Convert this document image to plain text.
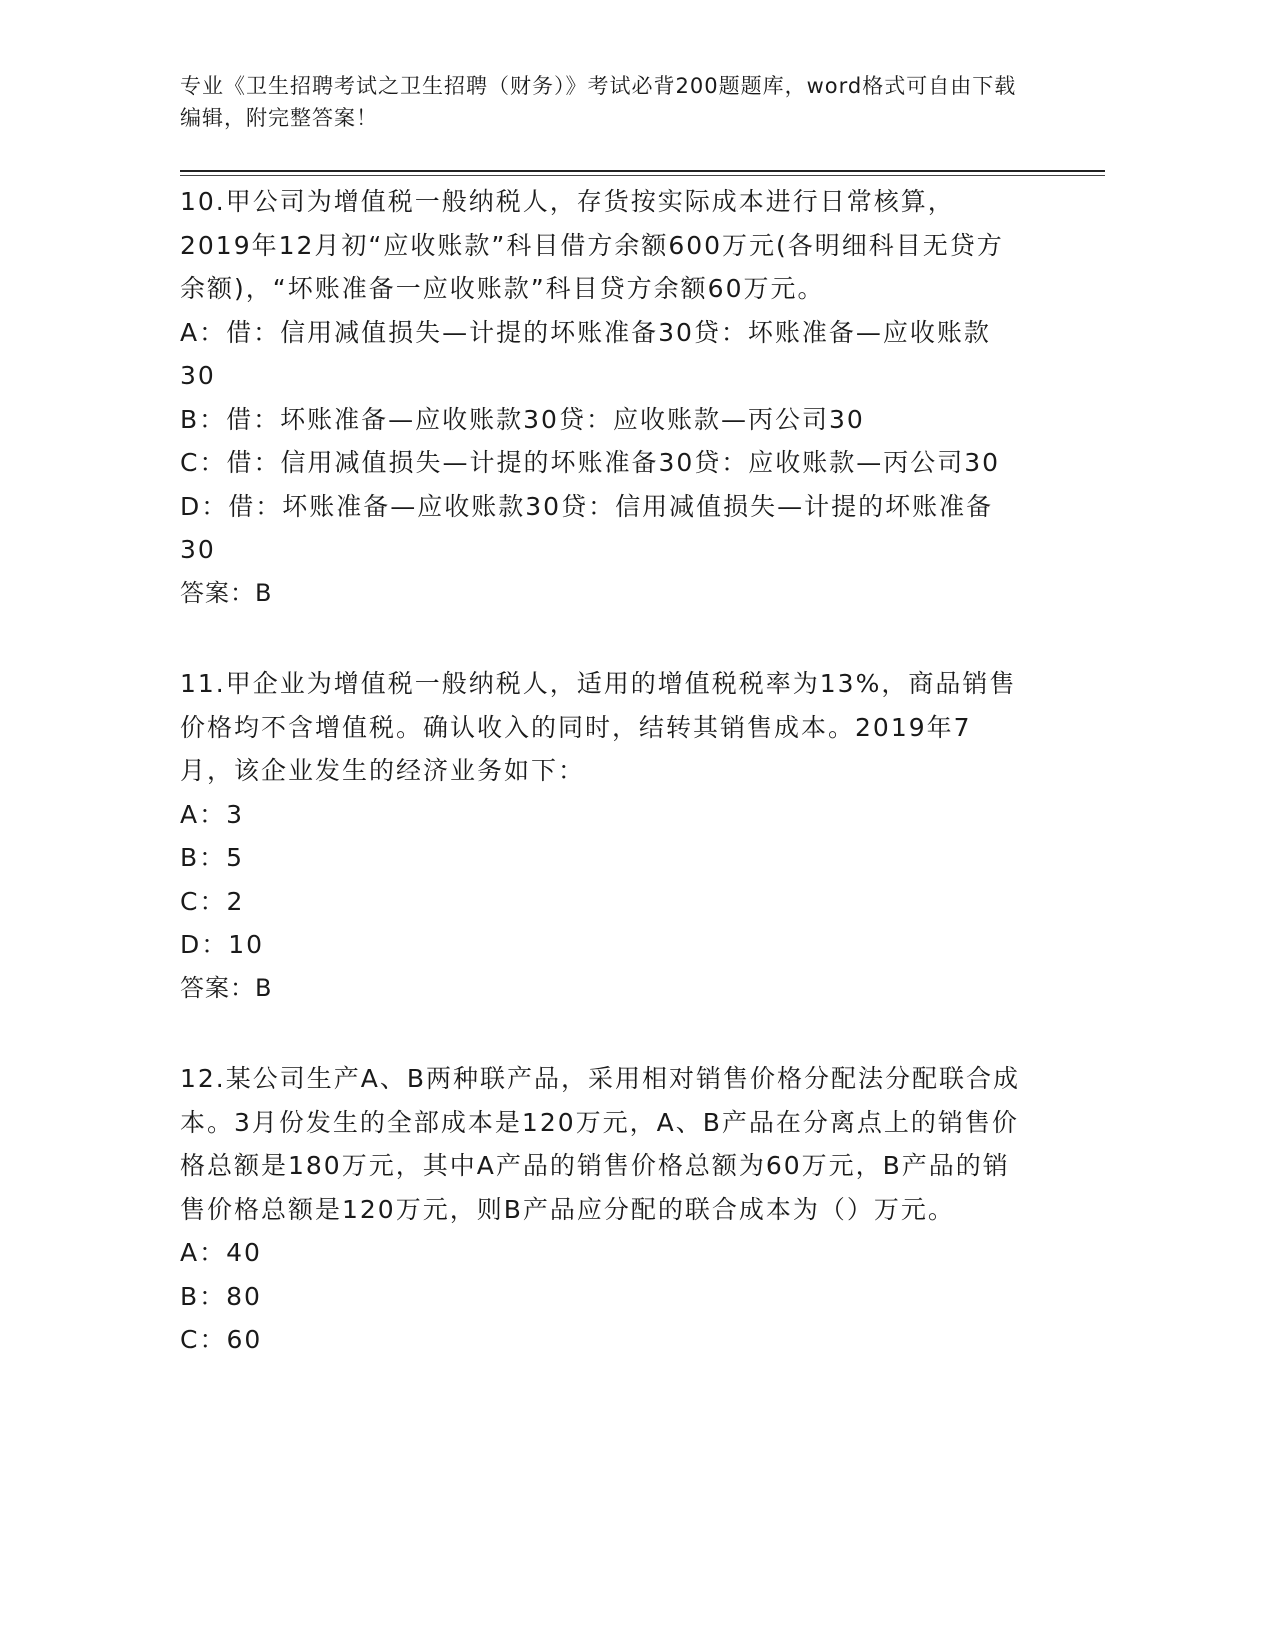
专业《卫生招聘考试之卫生招聘（财务）》考试必背200题题库，word格式可自由下载编辑，附完整答案！

10.甲公司为增值税一般纳税人，存货按实际成本进行日常核算，2019年12月初“应收账款”科目借方余额600万元(各明细科目无贷方余额)，“坏账准备一应收账款”科目贷方余额60万元。

A：借：信用减值损失—计提的坏账准备30贷：坏账准备—应收账款30
B：借：坏账准备—应收账款30贷：应收账款—丙公司30
C：借：信用减值损失—计提的坏账准备30贷：应收账款—丙公司30
D：借：坏账准备—应收账款30贷：信用减值损失—计提的坏账准备30

答案：B

11.甲企业为增值税一般纳税人，适用的增值税税率为13%，商品销售价格均不含增值税。确认收入的同时，结转其销售成本。2019年7月，该企业发生的经济业务如下：

A：3
B：5
C：2
D：10

答案：B

12.某公司生产A、B两种联产品，采用相对销售价格分配法分配联合成本。3月份发生的全部成本是120万元，A、B产品在分离点上的销售价格总额是180万元，其中A产品的销售价格总额为60万元，B产品的销售价格总额是120万元，则B产品应分配的联合成本为（）万元。

A：40
B：80
C：60
